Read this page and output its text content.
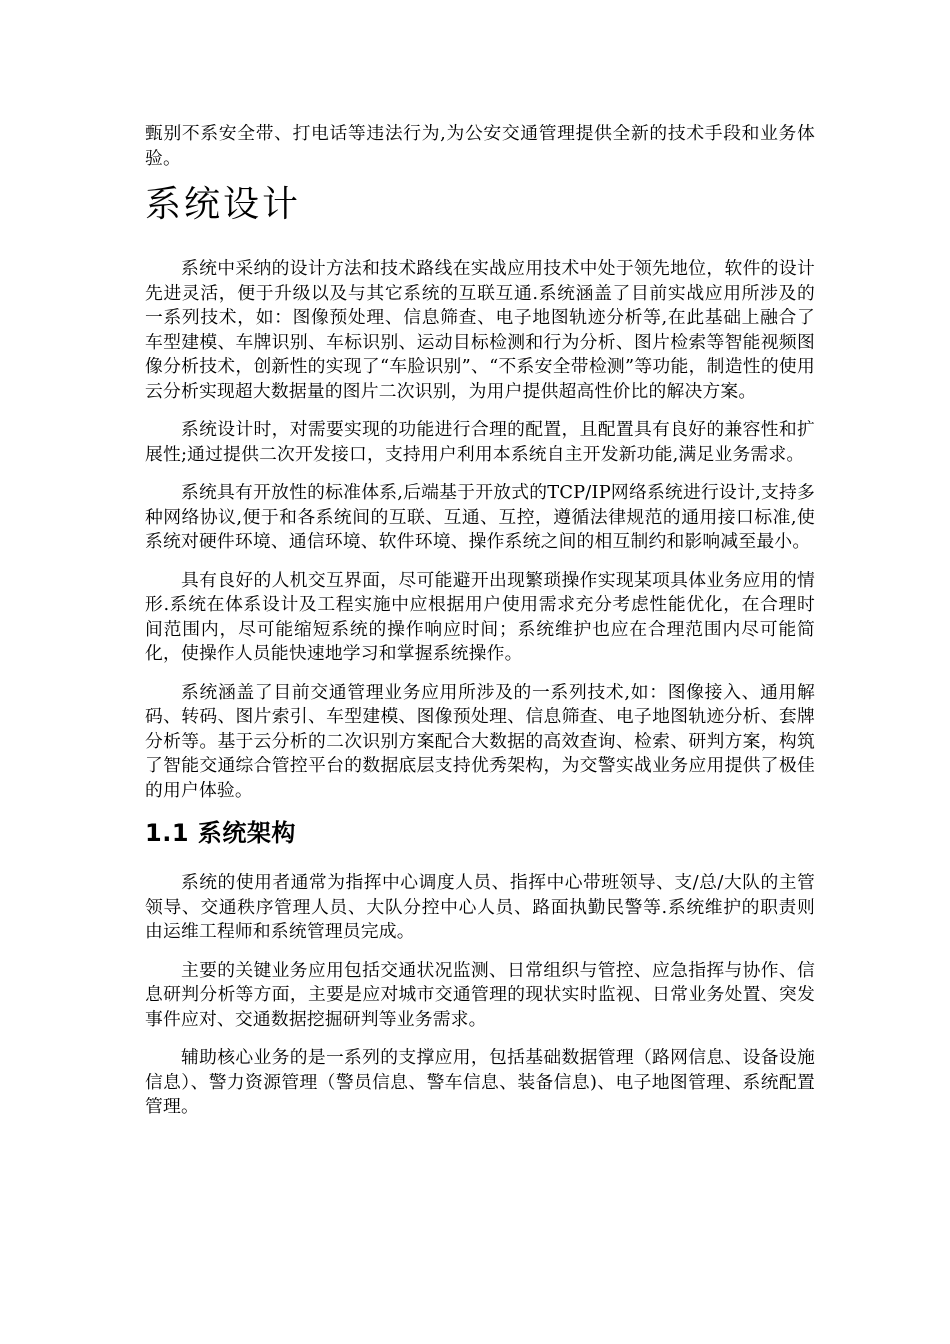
甄别不系安全带、打电话等违法行为,为公安交通管理提供全新的技术手段和业务体验。

系统设计

系统中采纳的设计方法和技术路线在实战应用技术中处于领先地位，软件的设计先进灵活，便于升级以及与其它系统的互联互通.系统涵盖了目前实战应用所涉及的一系列技术，如：图像预处理、信息筛查、电子地图轨迹分析等,在此基础上融合了车型建模、车牌识别、车标识别、运动目标检测和行为分析、图片检索等智能视频图像分析技术，创新性的实现了“车脸识别”、“不系安全带检测”等功能，制造性的使用云分析实现超大数据量的图片二次识别，为用户提供超高性价比的解决方案。

系统设计时，对需要实现的功能进行合理的配置，且配置具有良好的兼容性和扩展性;通过提供二次开发接口，支持用户利用本系统自主开发新功能,满足业务需求。

系统具有开放性的标准体系,后端基于开放式的TCP/IP网络系统进行设计,支持多种网络协议,便于和各系统间的互联、互通、互控，遵循法律规范的通用接口标准,使系统对硬件环境、通信环境、软件环境、操作系统之间的相互制约和影响减至最小。

具有良好的人机交互界面，尽可能避开出现繁琐操作实现某项具体业务应用的情形.系统在体系设计及工程实施中应根据用户使用需求充分考虑性能优化，在合理时间范围内，尽可能缩短系统的操作响应时间；系统维护也应在合理范围内尽可能简化，使操作人员能快速地学习和掌握系统操作。

系统涵盖了目前交通管理业务应用所涉及的一系列技术,如：图像接入、通用解码、转码、图片索引、车型建模、图像预处理、信息筛查、电子地图轨迹分析、套牌分析等。基于云分析的二次识别方案配合大数据的高效查询、检索、研判方案，构筑了智能交通综合管控平台的数据底层支持优秀架构，为交警实战业务应用提供了极佳的用户体验。

1.1 系统架构

系统的使用者通常为指挥中心调度人员、指挥中心带班领导、支/总/大队的主管领导、交通秩序管理人员、大队分控中心人员、路面执勤民警等.系统维护的职责则由运维工程师和系统管理员完成。

主要的关键业务应用包括交通状况监测、日常组织与管控、应急指挥与协作、信息研判分析等方面，主要是应对城市交通管理的现状实时监视、日常业务处置、突发事件应对、交通数据挖掘研判等业务需求。

辅助核心业务的是一系列的支撑应用，包括基础数据管理（路网信息、设备设施信息）、警力资源管理（警员信息、警车信息、装备信息)、电子地图管理、系统配置管理。
